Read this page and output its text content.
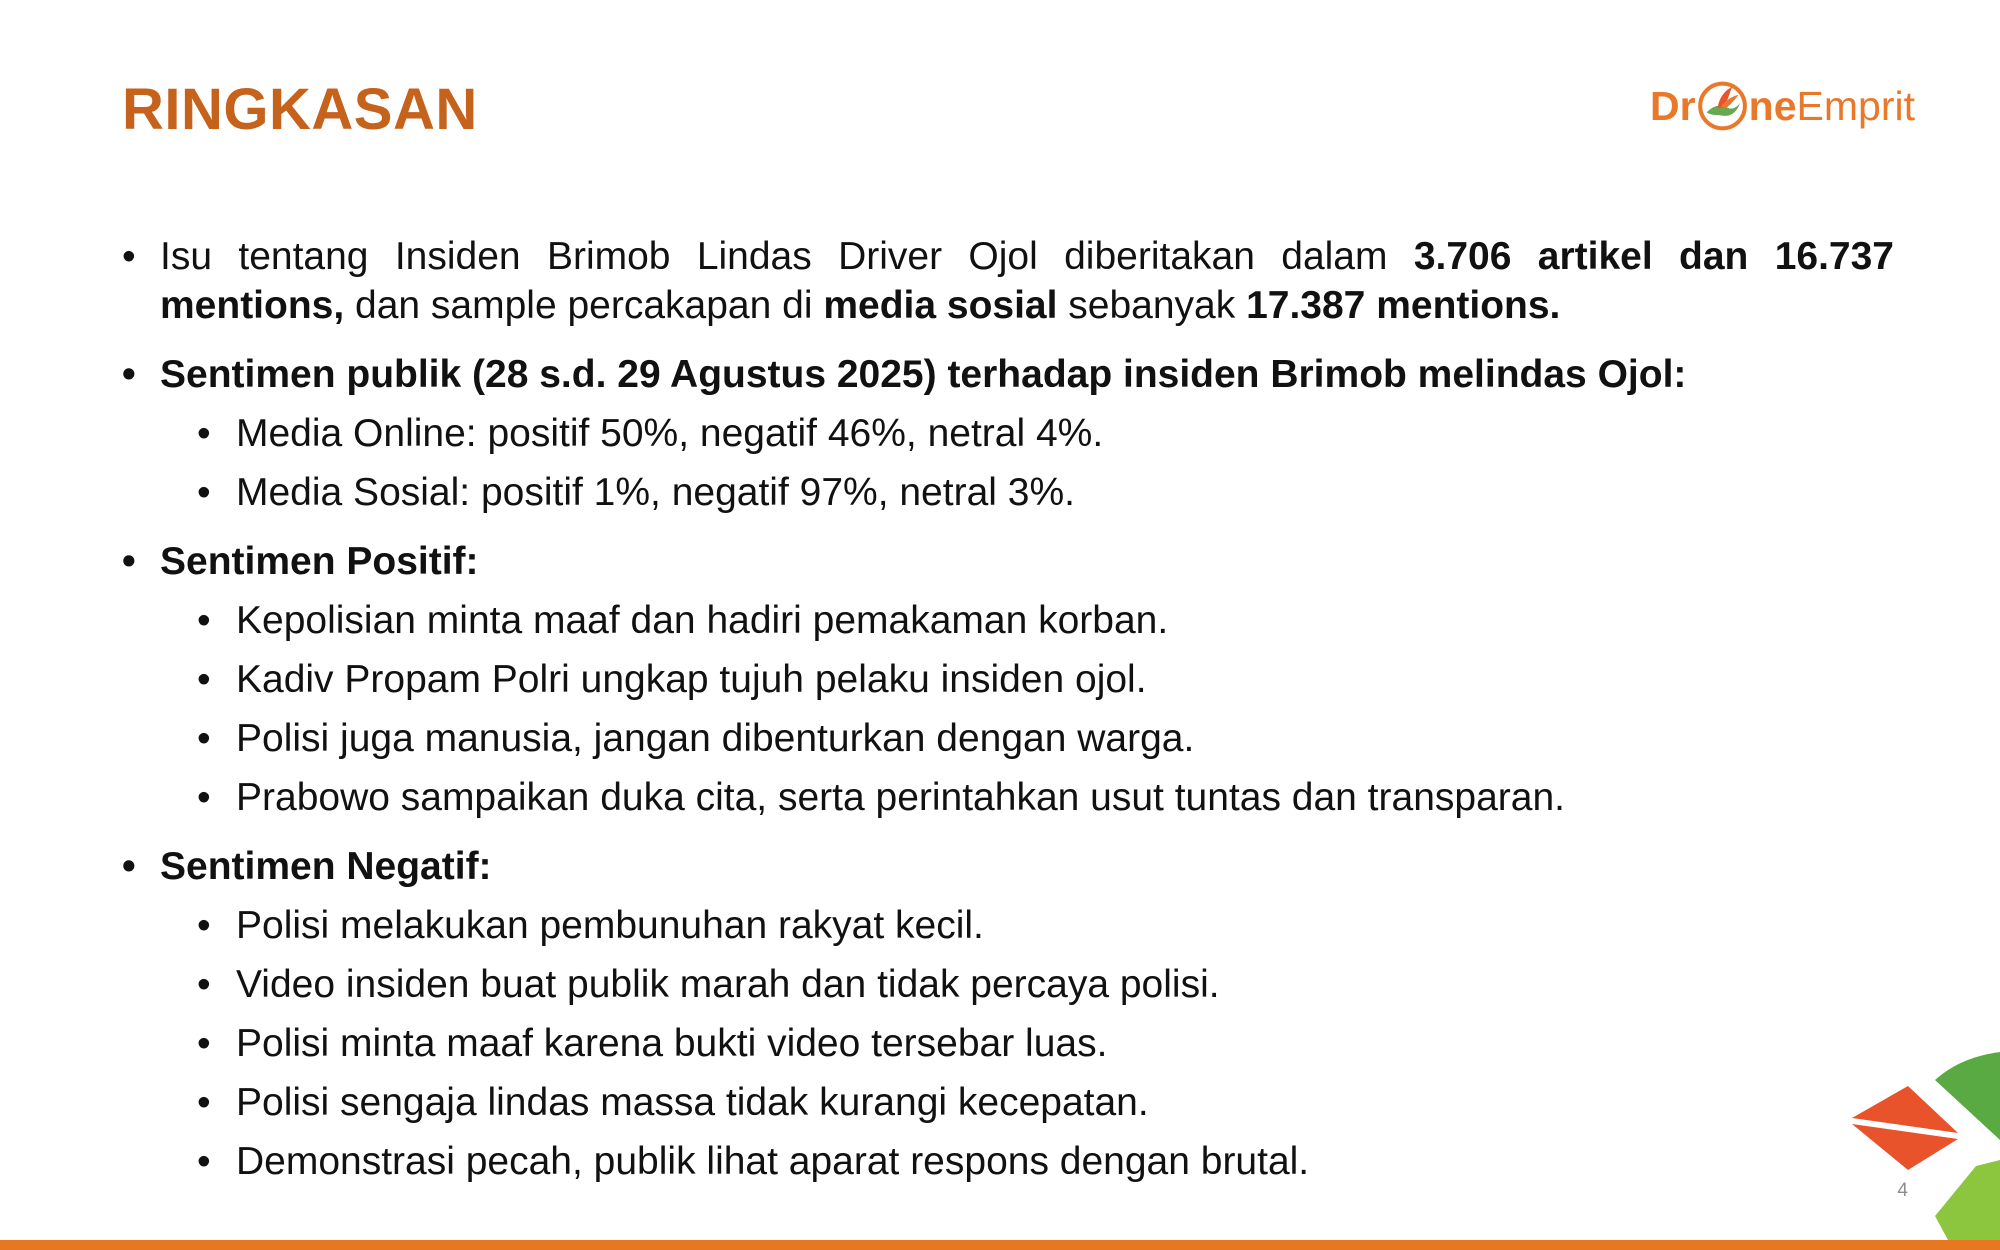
RINGKASAN	Dr ne Emprit
• Isu tentang Insiden Brimob Lindas Driver Ojol diberitakan dalam 3.706 artikel dan 16.737 mentions, dan sample percakapan di media sosial sebanyak 17.387 mentions.
• Sentimen publik (28 s.d. 29 Agustus 2025) terhadap insiden Brimob melindas Ojol:
• Media Online: positif 50%, negatif 46%, netral 4%.
• Media Sosial: positif 1%, negatif 97%, netral 3%.
• Sentimen Positif:
• Kepolisian minta maaf dan hadiri pemakaman korban.
• Kadiv Propam Polri ungkap tujuh pelaku insiden ojol.
• Polisi juga manusia, jangan dibenturkan dengan warga.
• Prabowo sampaikan duka cita, serta perintahkan usut tuntas dan transparan.
• Sentimen Negatif:
• Polisi melakukan pembunuhan rakyat kecil.
• Video insiden buat publik marah dan tidak percaya polisi.
• Polisi minta maaf karena bukti video tersebar luas.
• Polisi sengaja lindas massa tidak kurangi kecepatan.
• Demonstrasi pecah, publik lihat aparat respons dengan brutal.
4
